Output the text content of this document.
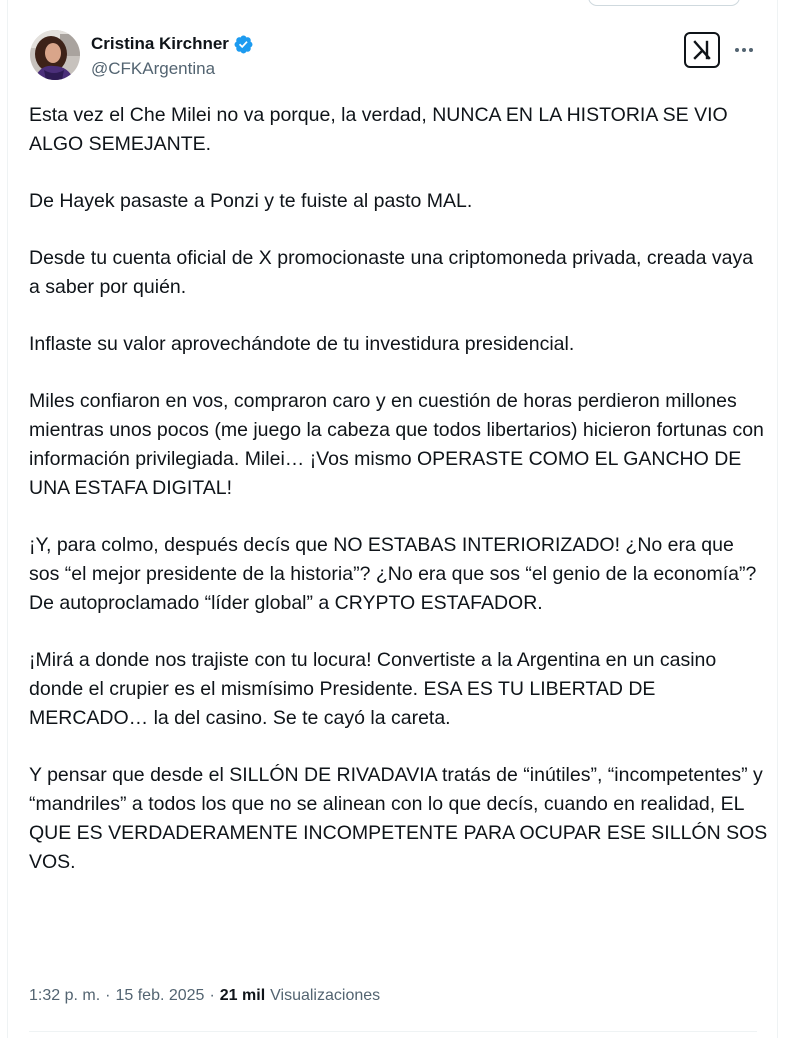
Cristina Kirchner
@CFKArgentina

Esta vez el Che Milei no va porque, la verdad, NUNCA EN LA HISTORIA SE VIO ALGO SEMEJANTE.

De Hayek pasaste a Ponzi y te fuiste al pasto MAL.

Desde tu cuenta oficial de X promocionaste una criptomoneda privada, creada vaya a saber por quién.

Inflaste su valor aprovechándote de tu investidura presidencial.

Miles confiaron en vos, compraron caro y en cuestión de horas perdieron millones mientras unos pocos (me juego la cabeza que todos libertarios) hicieron fortunas con información privilegiada. Milei… ¡Vos mismo OPERASTE COMO EL GANCHO DE UNA ESTAFA DIGITAL!

¡Y, para colmo, después decís que NO ESTABAS INTERIORIZADO! ¿No era que sos “el mejor presidente de la historia”? ¿No era que sos “el genio de la economía”? De autoproclamado “líder global” a CRYPTO ESTAFADOR.

¡Mirá a donde nos trajiste con tu locura! Convertiste a la Argentina en un casino donde el crupier es el mismísimo Presidente. ESA ES TU LIBERTAD DE MERCADO… la del casino. Se te cayó la careta.

Y pensar que desde el SILLÓN DE RIVADAVIA tratás de “inútiles”, “incompetentes” y “mandriles” a todos los que no se alinean con lo que decís, cuando en realidad, EL QUE ES VERDADERAMENTE INCOMPETENTE PARA OCUPAR ESE SILLÓN SOS VOS.

1:32 p. m. · 15 feb. 2025 · 21 mil Visualizaciones
